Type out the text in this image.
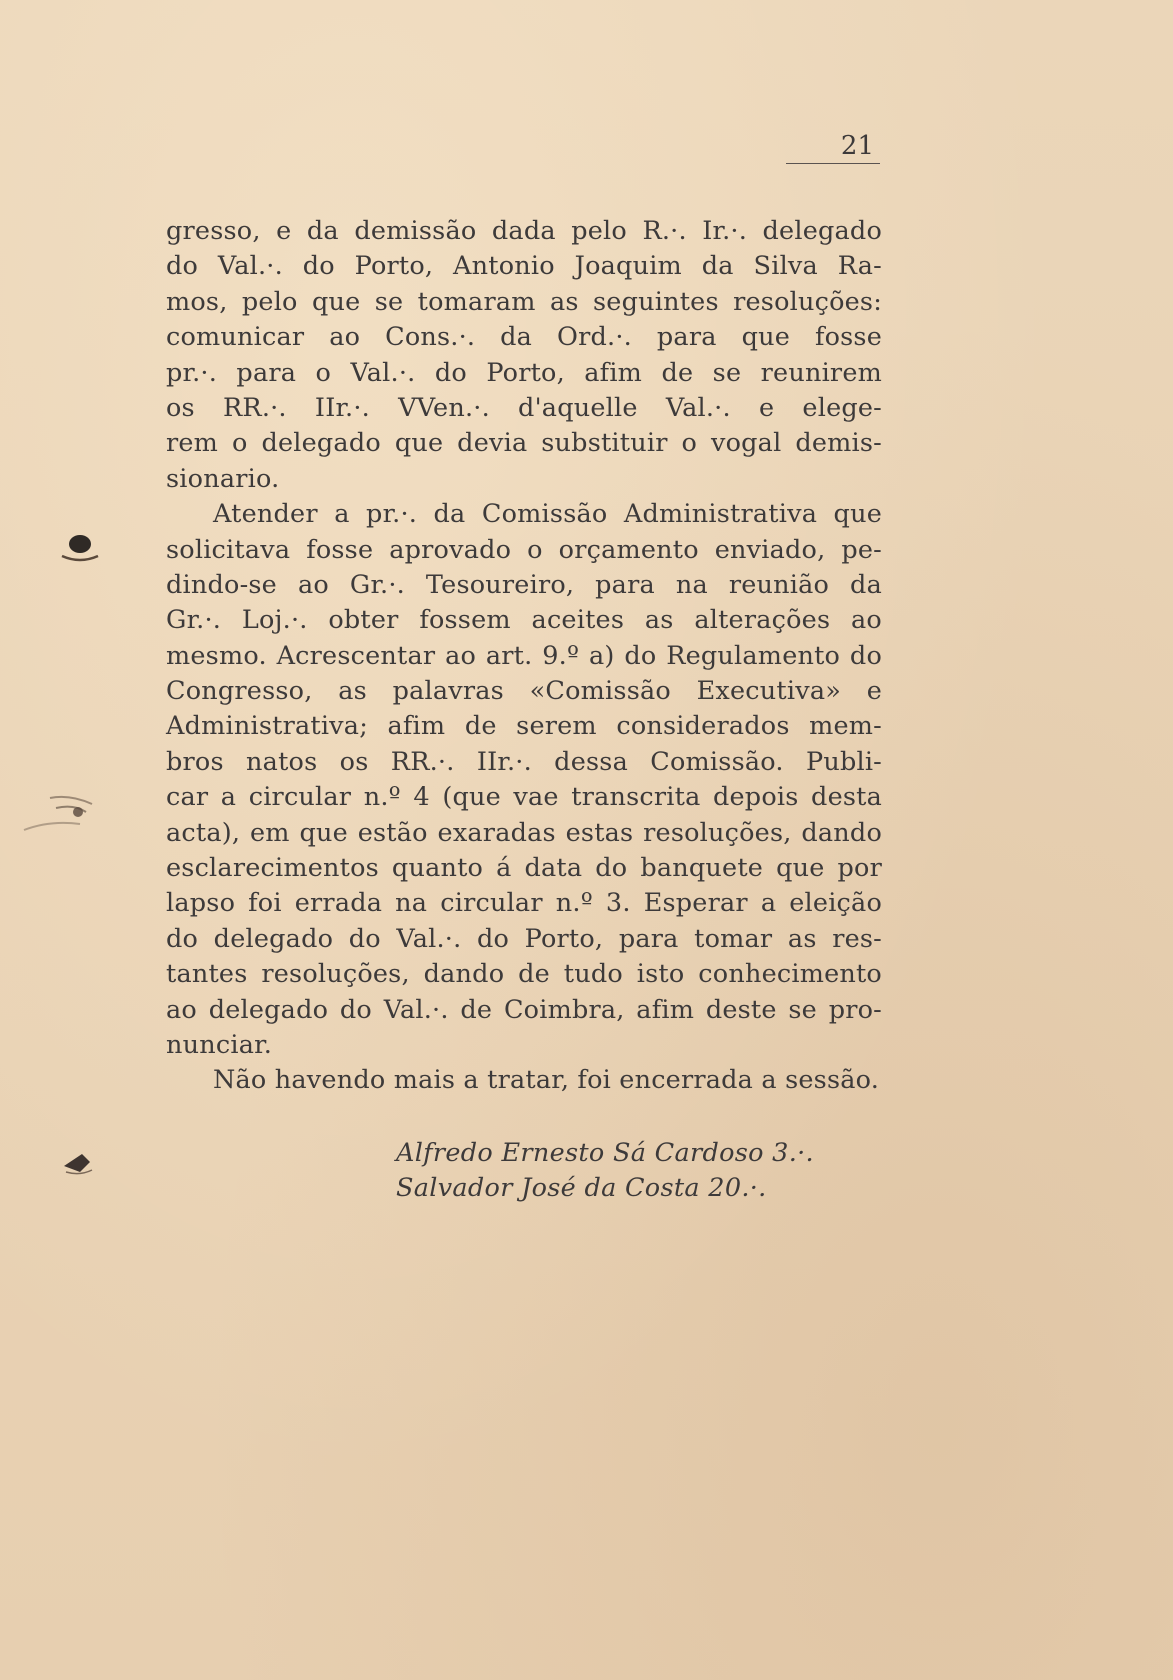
21
gresso, e da demissão dada pelo R.·. Ir.·. delegado
do Val.·. do Porto, Antonio Joaquim da Silva Ra-
mos, pelo que se tomaram as seguintes resoluções:
comunicar ao Cons.·. da Ord.·. para que fosse
pr.·. para o Val.·. do Porto, afim de se reunirem
os RR.·. IIr.·. VVen.·. d'aquelle Val.·. e elege-
rem o delegado que devia substituir o vogal demis-
sionario.
Atender a pr.·. da Comissão Administrativa que
solicitava fosse aprovado o orçamento enviado, pe-
dindo-se ao Gr.·. Tesoureiro, para na reunião da
Gr.·. Loj.·. obter fossem aceites as alterações ao
mesmo. Acrescentar ao art. 9.º a) do Regulamento do
Congresso, as palavras «Comissão Executiva» e
Administrativa; afim de serem considerados mem-
bros natos os RR.·. IIr.·. dessa Comissão. Publi-
car a circular n.º 4 (que vae transcrita depois desta
acta), em que estão exaradas estas resoluções, dando
esclarecimentos quanto á data do banquete que por
lapso foi errada na circular n.º 3. Esperar a eleição
do delegado do Val.·. do Porto, para tomar as res-
tantes resoluções, dando de tudo isto conhecimento
ao delegado do Val.·. de Coimbra, afim deste se pro-
nunciar.
Não havendo mais a tratar, foi encerrada a sessão.
Alfredo Ernesto Sá Cardoso 3.·.
Salvador José da Costa 20.·.
